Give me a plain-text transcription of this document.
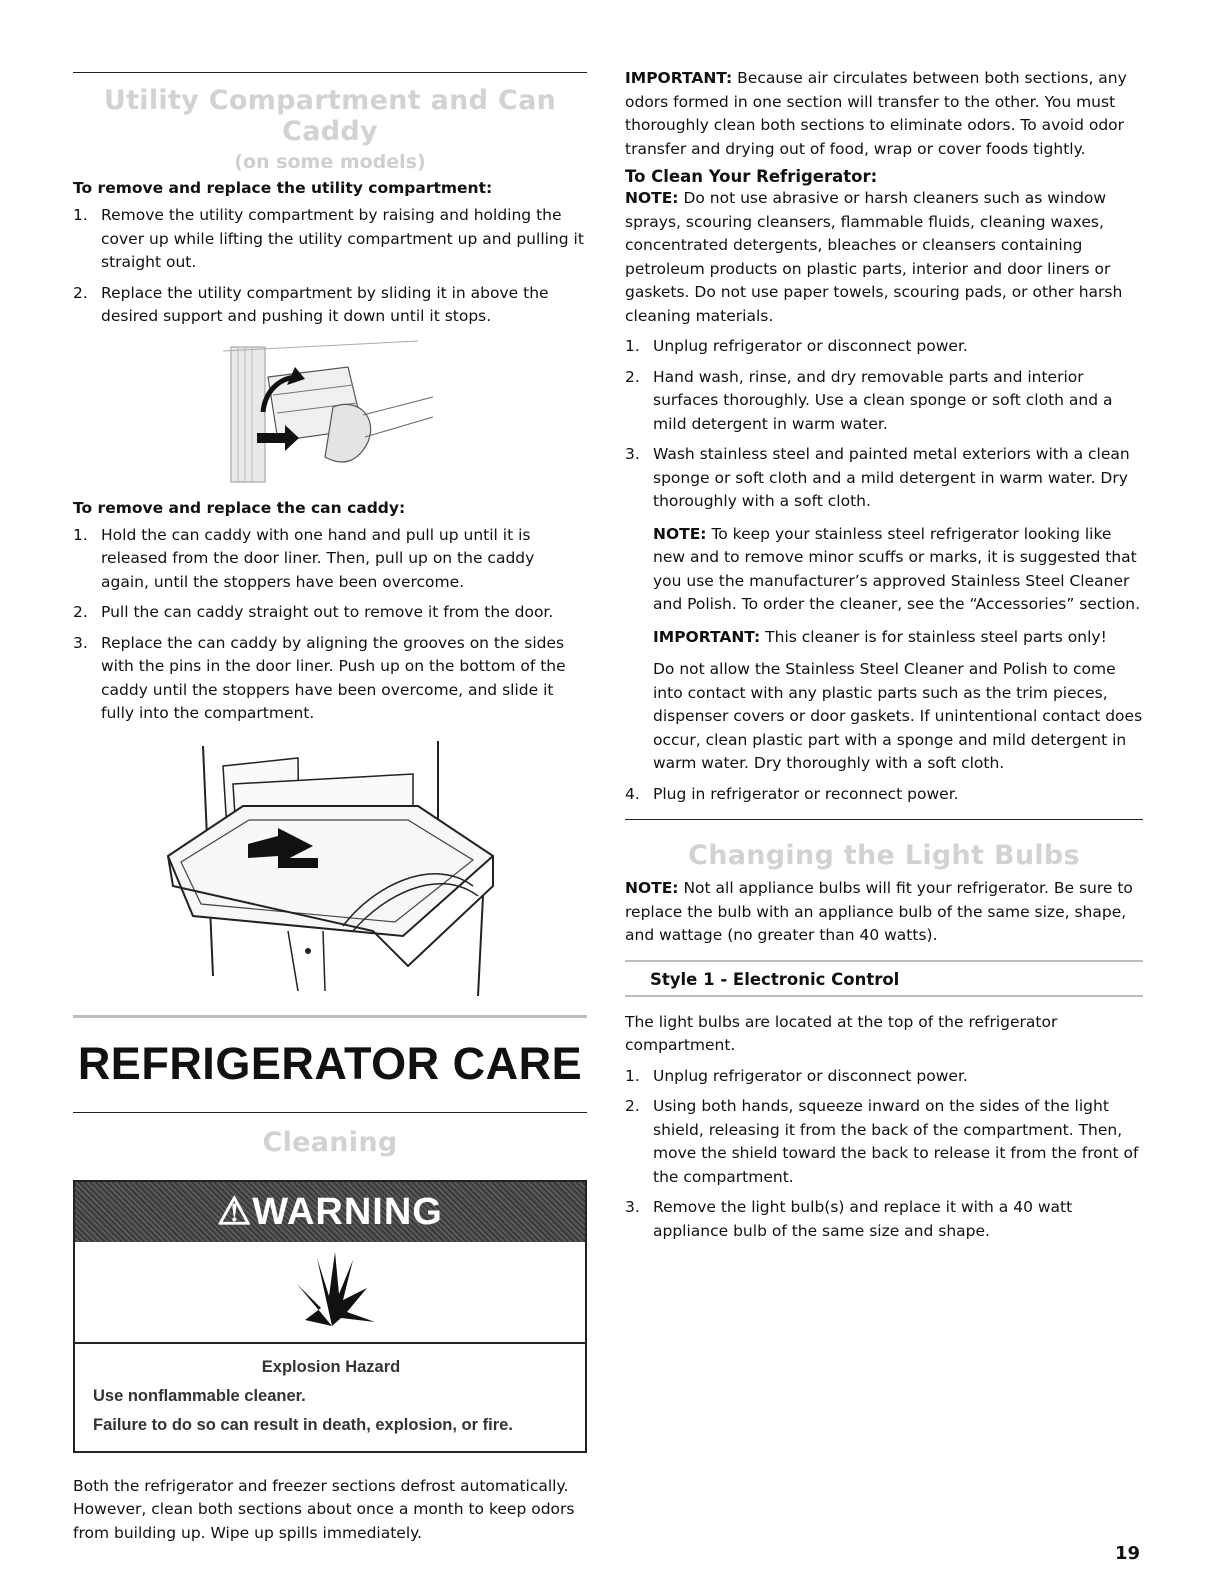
Utility Compartment and Can Caddy
(on some models)
To remove and replace the utility compartment:
1. Remove the utility compartment by raising and holding the cover up while lifting the utility compartment up and pulling it straight out.
2. Replace the utility compartment by sliding it in above the desired support and pushing it down until it stops.
To remove and replace the can caddy:
1. Hold the can caddy with one hand and pull up until it is released from the door liner. Then, pull up on the caddy again, until the stoppers have been overcome.
2. Pull the can caddy straight out to remove it from the door.
3. Replace the can caddy by aligning the grooves on the sides with the pins in the door liner. Push up on the bottom of the caddy until the stoppers have been overcome, and slide it fully into the compartment.
REFRIGERATOR CARE
Cleaning
⚠WARNING
Explosion Hazard
Use nonflammable cleaner.
Failure to do so can result in death, explosion, or fire.

Both the refrigerator and freezer sections defrost automatically. However, clean both sections about once a month to keep odors from building up. Wipe up spills immediately.

IMPORTANT: Because air circulates between both sections, any odors formed in one section will transfer to the other. You must thoroughly clean both sections to eliminate odors. To avoid odor transfer and drying out of food, wrap or cover foods tightly.

To Clean Your Refrigerator:

NOTE: Do not use abrasive or harsh cleaners such as window sprays, scouring cleansers, flammable fluids, cleaning waxes, concentrated detergents, bleaches or cleansers containing petroleum products on plastic parts, interior and door liners or gaskets. Do not use paper towels, scouring pads, or other harsh cleaning materials.

1. Unplug refrigerator or disconnect power.
2. Hand wash, rinse, and dry removable parts and interior surfaces thoroughly. Use a clean sponge or soft cloth and a mild detergent in warm water.
3. Wash stainless steel and painted metal exteriors with a clean sponge or soft cloth and a mild detergent in warm water. Dry thoroughly with a soft cloth.

NOTE: To keep your stainless steel refrigerator looking like new and to remove minor scuffs or marks, it is suggested that you use the manufacturer’s approved Stainless Steel Cleaner and Polish. To order the cleaner, see the “Accessories” section.

IMPORTANT: This cleaner is for stainless steel parts only!

Do not allow the Stainless Steel Cleaner and Polish to come into contact with any plastic parts such as the trim pieces, dispenser covers or door gaskets. If unintentional contact does occur, clean plastic part with a sponge and mild detergent in warm water. Dry thoroughly with a soft cloth.

4. Plug in refrigerator or reconnect power.
Changing the Light Bulbs

NOTE: Not all appliance bulbs will fit your refrigerator. Be sure to replace the bulb with an appliance bulb of the same size, shape, and wattage (no greater than 40 watts).

Style 1 - Electronic Control

The light bulbs are located at the top of the refrigerator compartment.

1. Unplug refrigerator or disconnect power.
2. Using both hands, squeeze inward on the sides of the light shield, releasing it from the back of the compartment. Then, move the shield toward the back to release it from the front of the compartment.
3. Remove the light bulb(s) and replace it with a 40 watt appliance bulb of the same size and shape.
19
